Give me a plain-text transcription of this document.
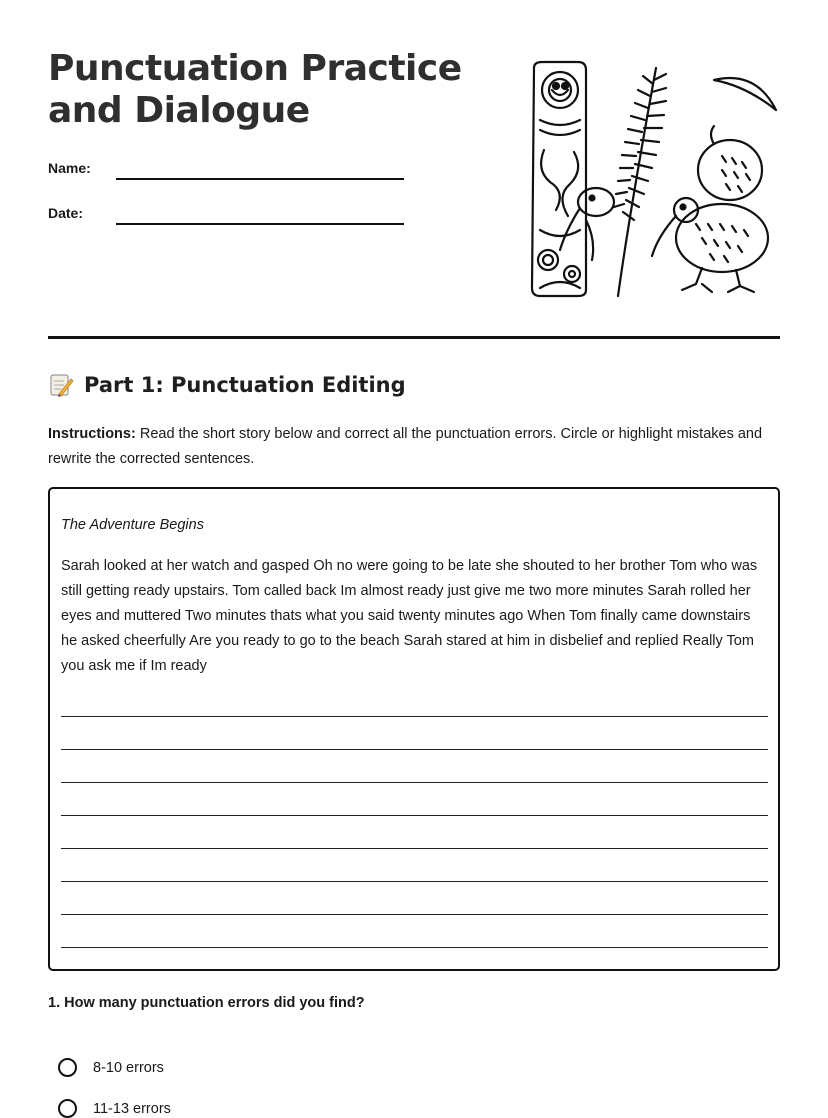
Punctuation Practice
and Dialogue
Name:
Date:
Part 1: Punctuation Editing

Instructions: Read the short story below and correct all the punctuation errors. Circle or highlight mistakes and rewrite the corrected sentences.

The Adventure Begins

Sarah looked at her watch and gasped Oh no were going to be late she shouted to her brother Tom who was still getting ready upstairs. Tom called back Im almost ready just give me two more minutes Sarah rolled her eyes and muttered Two minutes thats what you said twenty minutes ago When Tom finally came downstairs he asked cheerfully Are you ready to go to the beach Sarah stared at him in disbelief and replied Really Tom you ask me if Im ready

1. How many punctuation errors did you find?

8-10 errors
11-13 errors
